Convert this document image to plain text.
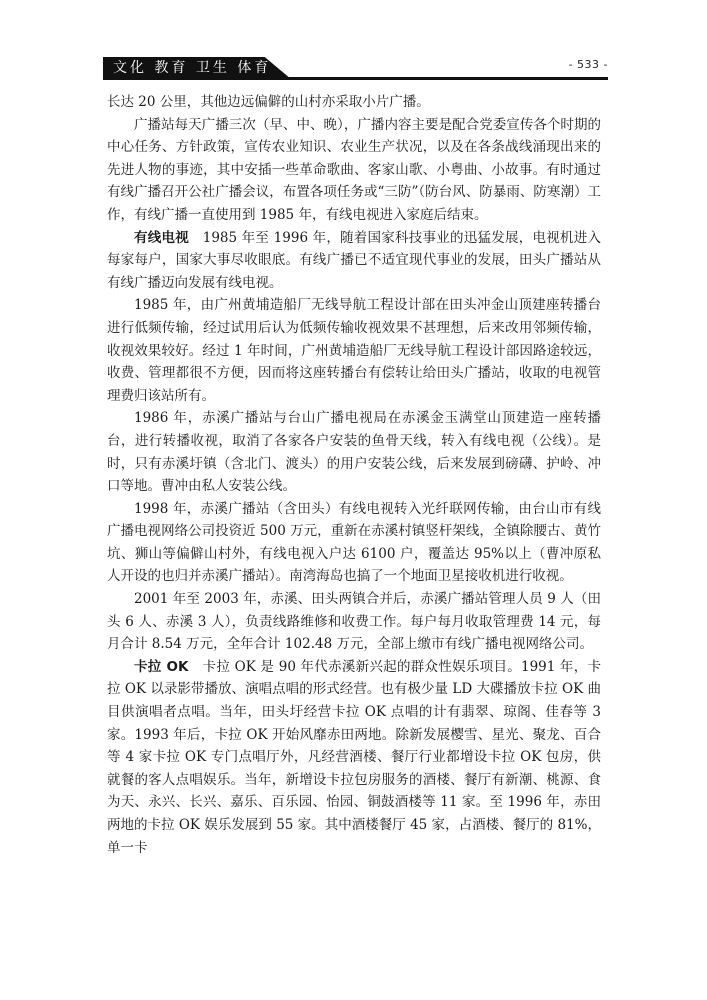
文化 教育 卫生 体育	- 533 -

长达 20 公里，其他边远偏僻的山村亦采取小片广播。

广播站每天广播三次（早、中、晚），广播内容主要是配合党委宣传各个时期的中心任务、方针政策，宣传农业知识、农业生产状况，以及在各条战线涌现出来的先进人物的事迹，其中安插一些革命歌曲、客家山歌、小粤曲、小故事。有时通过有线广播召开公社广播会议，布置各项任务或“三防”（防台风、防暴雨、防寒潮）工作，有线广播一直使用到 1985 年，有线电视进入家庭后结束。

有线电视　 1985 年至 1996 年，随着国家科技事业的迅猛发展，电视机进入每家每户，国家大事尽收眼底。有线广播已不适宜现代事业的发展，田头广播站从有线广播迈向发展有线电视。

1985 年，由广州黄埔造船厂无线导航工程设计部在田头冲金山顶建座转播台进行低频传输，经过试用后认为低频传输收视效果不甚理想，后来改用邻频传输，收视效果较好。经过 1 年时间，广州黄埔造船厂无线导航工程设计部因路途较远，收费、管理都很不方便，因而将这座转播台有偿转让给田头广播站，收取的电视管理费归该站所有。

1986 年，赤溪广播站与台山广播电视局在赤溪金玉满堂山顶建造一座转播台，进行转播收视，取消了各家各户安装的鱼骨天线，转入有线电视（公线）。是时，只有赤溪圩镇（含北门、渡头）的用户安装公线，后来发展到磅礴、护岭、冲口等地。曹冲由私人安装公线。

1998 年，赤溪广播站（含田头）有线电视转入光纤联网传输，由台山市有线广播电视网络公司投资近 500 万元，重新在赤溪村镇竖杆架线，全镇除腰古、黄竹坑、狮山等偏僻山村外，有线电视入户达 6100 户，覆盖达 95%以上（曹冲原私人开设的也归并赤溪广播站）。南湾海岛也搞了一个地面卫星接收机进行收视。

2001 年至 2003 年，赤溪、田头两镇合并后，赤溪广播站管理人员 9 人（田头 6 人、赤溪 3 人），负责线路维修和收费工作。每户每月收取管理费 14 元，每月合计 8.54 万元，全年合计 102.48 万元，全部上缴市有线广播电视网络公司。

卡拉 OK　 卡拉 OK 是 90 年代赤溪新兴起的群众性娱乐项目。1991 年，卡拉 OK 以录影带播放、演唱点唱的形式经营。也有极少量 LD 大碟播放卡拉 OK 曲目供演唱者点唱。当年，田头圩经营卡拉 OK 点唱的计有翡翠、琼阁、佳春等 3 家。1993 年后，卡拉 OK 开始风靡赤田两地。除新发展樱雪、星光、聚龙、百合等 4 家卡拉 OK 专门点唱厅外，凡经营酒楼、餐厅行业都增设卡拉 OK 包房，供就餐的客人点唱娱乐。当年，新增设卡拉包房服务的酒楼、餐厅有新潮、桃源、食为天、永兴、长兴、嘉乐、百乐园、怡园、铜鼓酒楼等 11 家。至 1996 年，赤田两地的卡拉 OK 娱乐发展到 55 家。其中酒楼餐厅 45 家，占酒楼、餐厅的 81%，单一卡
